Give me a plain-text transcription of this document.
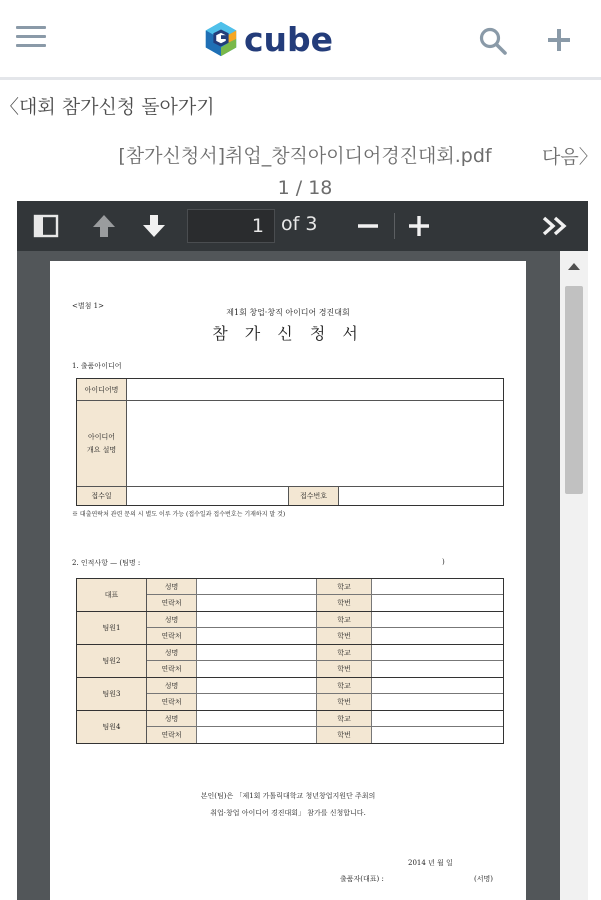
cube
〈대회 참가신청 돌아가기
[참가신청서]취업_창직아이디어경진대회.pdf 1 / 18
다음〉
1
of 3
<별첨 1>
제1회 창업·창직 아이디어 경진대회
참 가 신 청 서
1. 출품아이디어
아이디어명
아이디어 개요 설명
접수일	접수번호
※ 대출연락처 관련 문의 시 별도 이루 가능 (접수일과 접수번호는 기재하지 말 것)
2. 인적사항 — (팀명 :	)
대표
성명	학교
연락처	학번
팀원1
성명	학교
연락처	학번
팀원2
성명	학교
연락처	학번
팀원3
성명	학교
연락처	학번
팀원4
성명	학교
연락처	학번
본인(팀)은 「제1회 가톨릭대학교 청년창업지원단 주최의
취업·창업 아이디어 경진대회」 참가를 신청합니다.
2014 년 월 일
출품자(대표) :	(서명)
